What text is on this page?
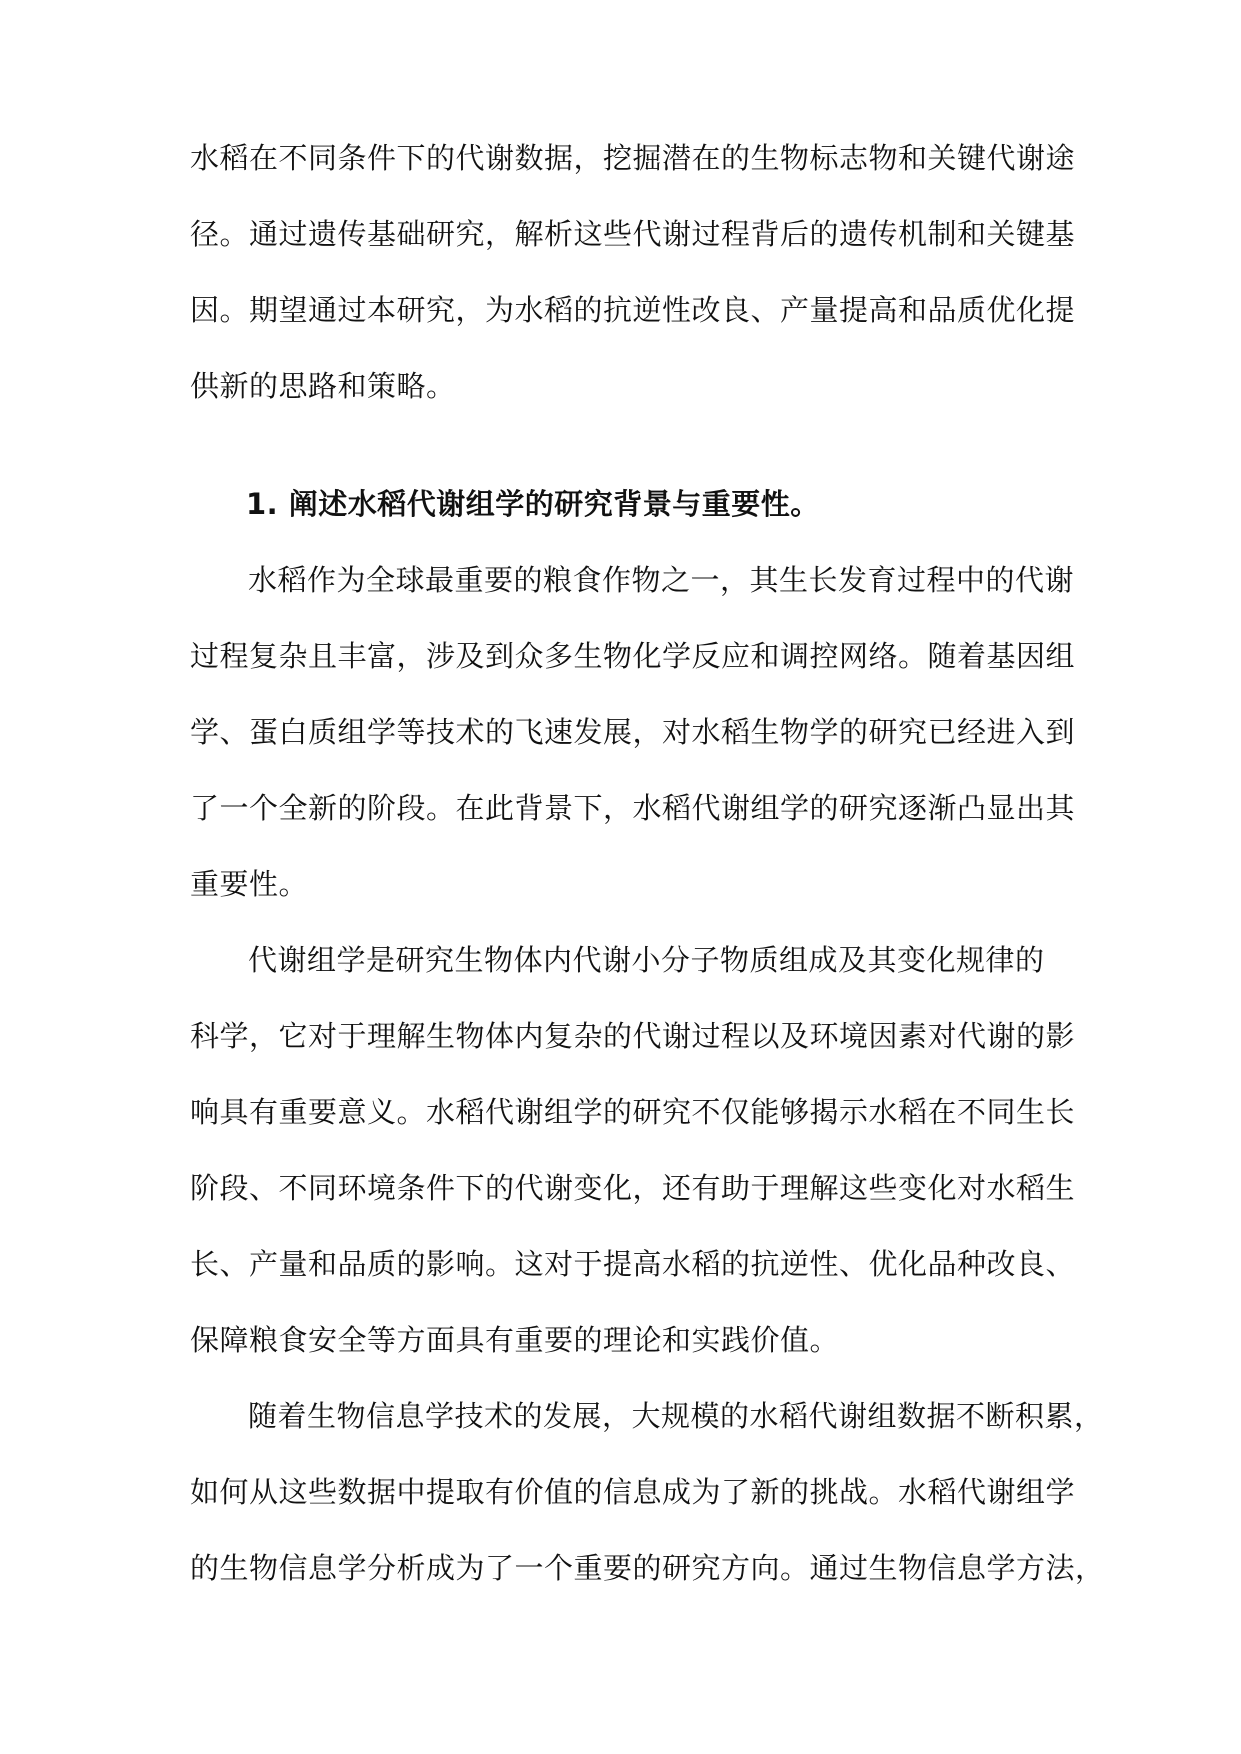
水稻在不同条件下的代谢数据，挖掘潜在的生物标志物和关键代谢途
径。通过遗传基础研究，解析这些代谢过程背后的遗传机制和关键基
因。期望通过本研究，为水稻的抗逆性改良、产量提高和品质优化提
供新的思路和策略。
1. 阐述水稻代谢组学的研究背景与重要性。
水稻作为全球最重要的粮食作物之一，其生长发育过程中的代谢
过程复杂且丰富，涉及到众多生物化学反应和调控网络。随着基因组
学、蛋白质组学等技术的飞速发展，对水稻生物学的研究已经进入到
了一个全新的阶段。在此背景下，水稻代谢组学的研究逐渐凸显出其
重要性。
代谢组学是研究生物体内代谢小分子物质组成及其变化规律的
科学，它对于理解生物体内复杂的代谢过程以及环境因素对代谢的影
响具有重要意义。水稻代谢组学的研究不仅能够揭示水稻在不同生长
阶段、不同环境条件下的代谢变化，还有助于理解这些变化对水稻生
长、产量和品质的影响。这对于提高水稻的抗逆性、优化品种改良、
保障粮食安全等方面具有重要的理论和实践价值。
随着生物信息学技术的发展，大规模的水稻代谢组数据不断积累，
如何从这些数据中提取有价值的信息成为了新的挑战。水稻代谢组学
的生物信息学分析成为了一个重要的研究方向。通过生物信息学方法，
